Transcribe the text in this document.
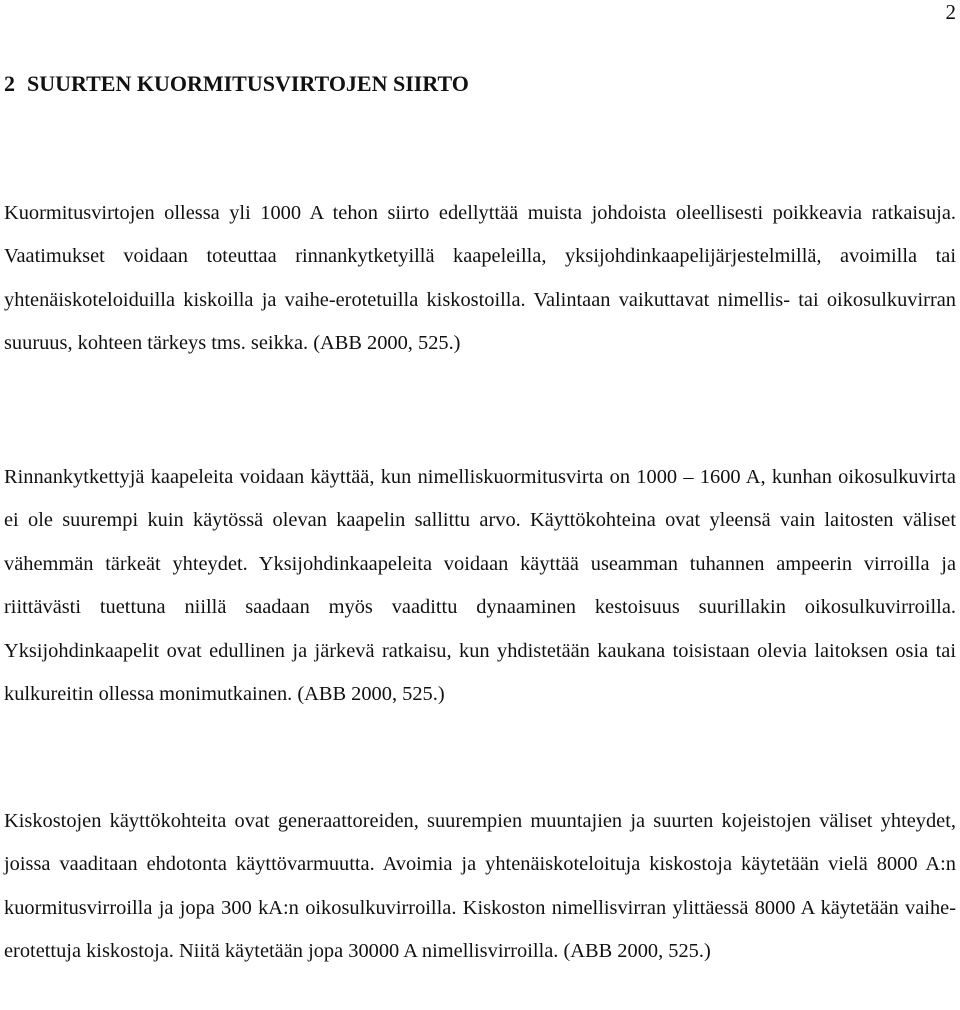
2
2 SUURTEN KUORMITUSVIRTOJEN SIIRTO

Kuormitusvirtojen ollessa yli 1000 A tehon siirto edellyttää muista johdoista oleellisesti poikkeavia ratkaisuja. Vaatimukset voidaan toteuttaa rinnankytketyillä kaapeleilla, yksijohdinkaapelijärjestelmillä, avoimilla tai yhtenäiskoteloiduilla kiskoilla ja vaihe-erotetuilla kiskostoilla. Valintaan vaikuttavat nimellis- tai oikosulkuvirran suuruus, kohteen tärkeys tms. seikka. (ABB 2000, 525.)

Rinnankytkettyjä kaapeleita voidaan käyttää, kun nimelliskuormitusvirta on 1000 – 1600 A, kunhan oikosulkuvirta ei ole suurempi kuin käytössä olevan kaapelin sallittu arvo. Käyttökohteina ovat yleensä vain laitosten väliset vähemmän tärkeät yhteydet. Yksijohdinkaapeleita voidaan käyttää useamman tuhannen ampeerin virroilla ja riittävästi tuettuna niillä saadaan myös vaadittu dynaaminen kestoisuus suurillakin oikosulkuvirroilla. Yksijohdinkaapelit ovat edullinen ja järkevä ratkaisu, kun yhdistetään kaukana toisistaan olevia laitoksen osia tai kulkureitin ollessa monimutkainen. (ABB 2000, 525.)

Kiskostojen käyttökohteita ovat generaattoreiden, suurempien muuntajien ja suurten kojeistojen väliset yhteydet, joissa vaaditaan ehdotonta käyttövarmuutta. Avoimia ja yhtenäiskoteloituja kiskostoja käytetään vielä 8000 A:n kuormitusvirroilla ja jopa 300 kA:n oikosulkuvirroilla. Kiskoston nimellisvirran ylittäessä 8000 A käytetään vaihe-erotettuja kiskostoja. Niitä käytetään jopa 30000 A nimellisvirroilla. (ABB 2000, 525.)
